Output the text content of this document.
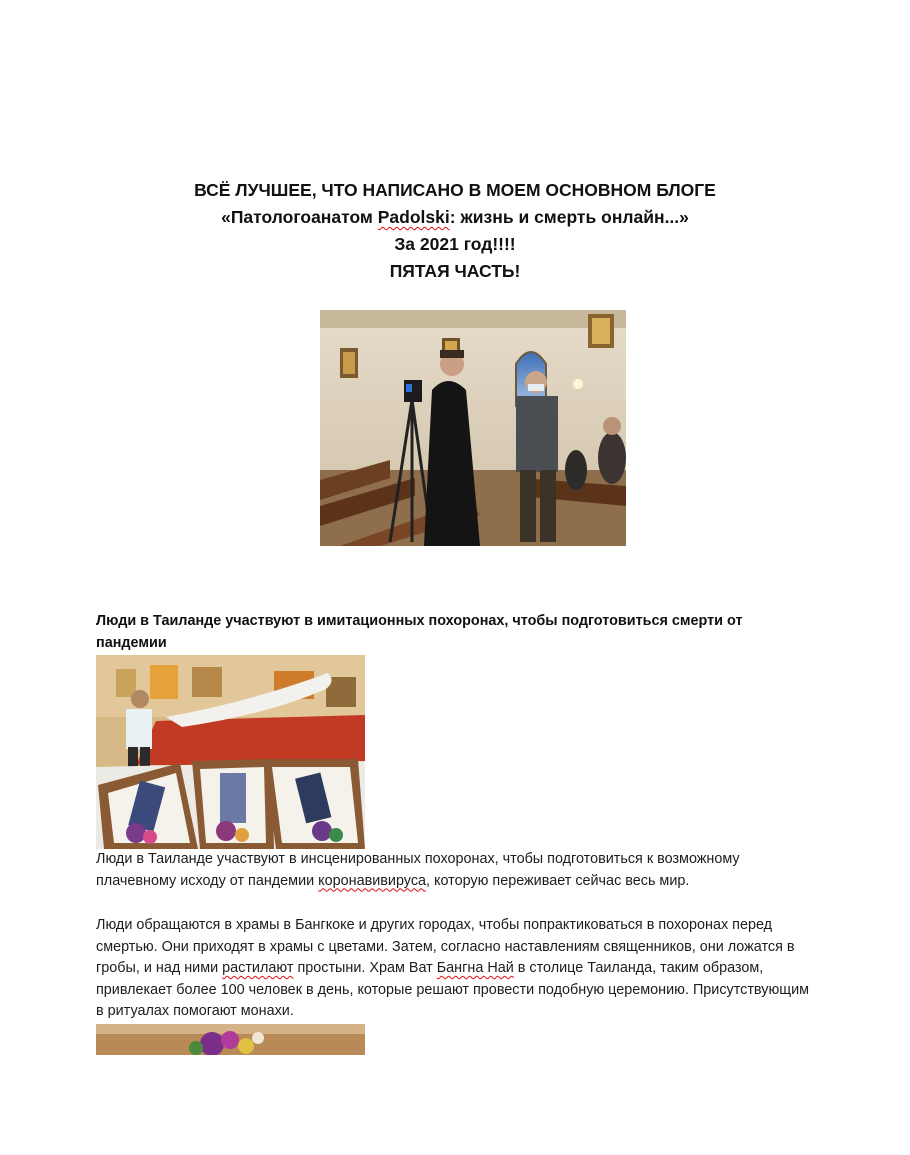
ВСЁ ЛУЧШЕЕ, ЧТО НАПИСАНО В МОЕМ ОСНОВНОМ БЛОГЕ
«Патологоанатом Padolski: жизнь и смерть онлайн...»
За 2021 год!!!!
ПЯТАЯ ЧАСТЬ!
Люди в Таиланде участвуют в имитационных похоронах, чтобы подготовиться смерти от пандемии
Люди в Таиланде участвуют в инсценированных похоронах, чтобы подготовиться к возможному плачевному исходу от пандемии коронавивируса, которую переживает сейчас весь мир.
Люди обращаются в храмы в Бангкоке и других городах, чтобы попрактиковаться в похоронах перед смертью. Они приходят в храмы с цветами. Затем, согласно наставлениям священников, они ложатся в гробы, и над ними растилают простыни. Храм Ват Бангна Най в столице Таиланда, таким образом, привлекает более 100 человек в день, которые решают провести подобную церемонию. Присутствующим в ритуалах помогают монахи.
